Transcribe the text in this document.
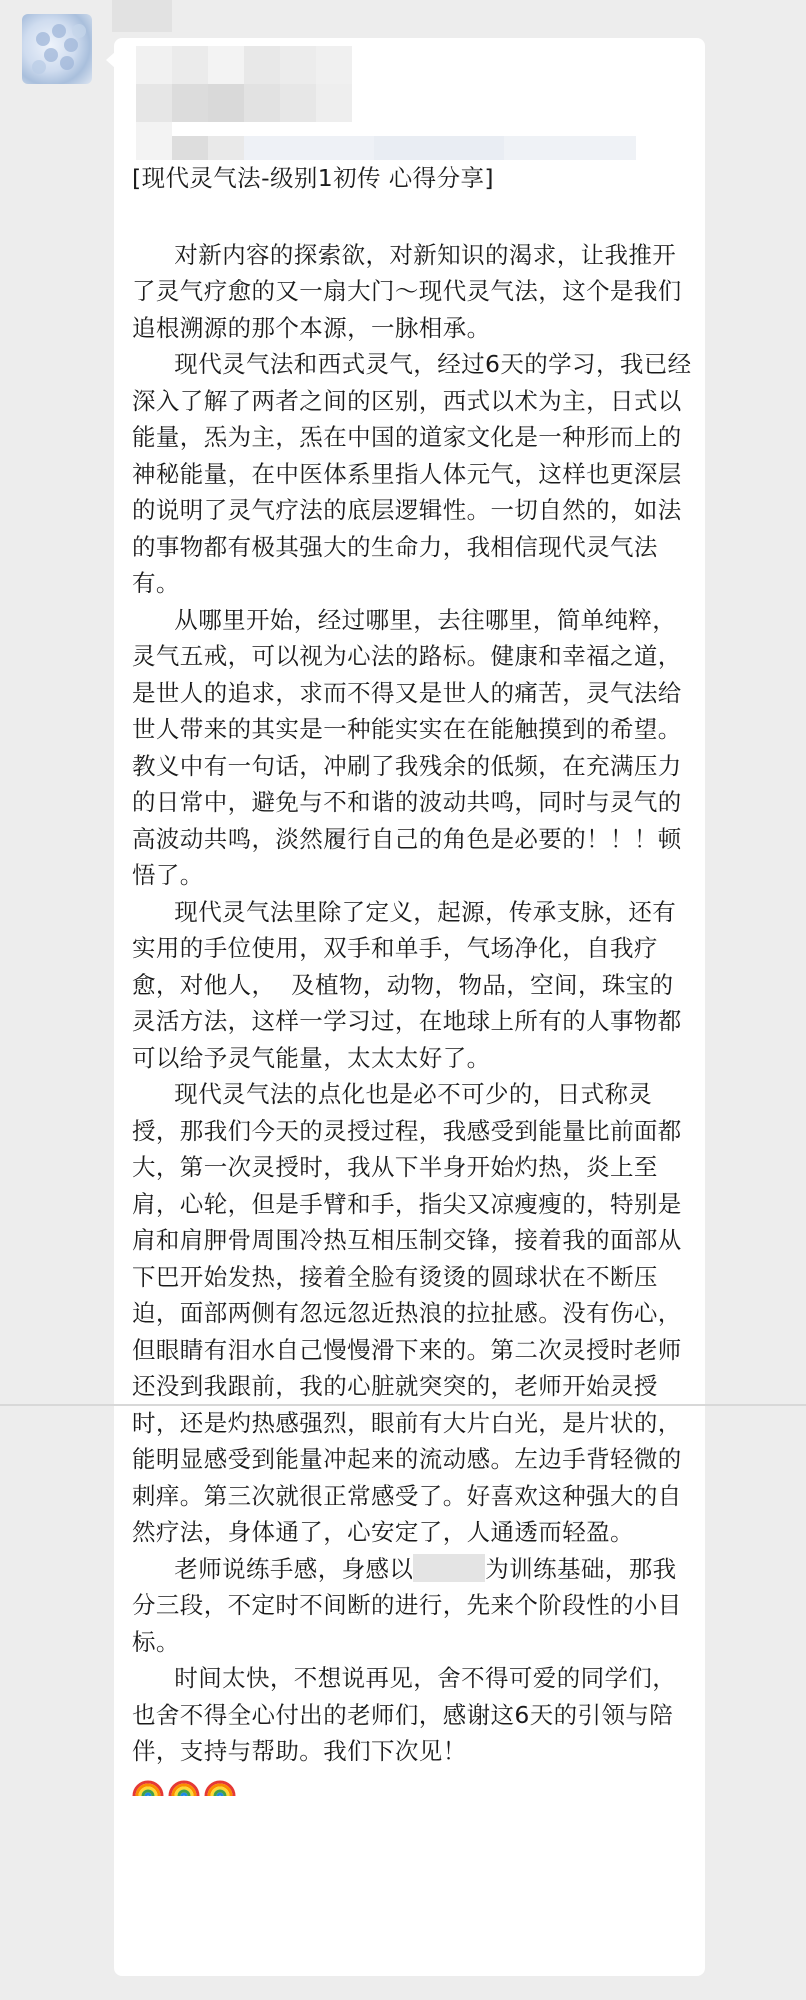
[现代灵气法-级别1初传 心得分享]

对新内容的探索欲，对新知识的渴求，让我推开了灵气疗愈的又一扇大门～现代灵气法，这个是我们追根溯源的那个本源，一脉相承。

现代灵气法和西式灵气，经过6天的学习，我已经深入了解了两者之间的区别，西式以术为主，日式以能量，炁为主，炁在中国的道家文化是一种形而上的神秘能量，在中医体系里指人体元气，这样也更深层的说明了灵气疗法的底层逻辑性。一切自然的，如法的事物都有极其强大的生命力，我相信现代灵气法有。

从哪里开始，经过哪里，去往哪里，简单纯粹，灵气五戒，可以视为心法的路标。健康和幸福之道，是世人的追求，求而不得又是世人的痛苦，灵气法给世人带来的其实是一种能实实在在能触摸到的希望。教义中有一句话，冲刷了我残余的低频，在充满压力的日常中，避免与不和谐的波动共鸣，同时与灵气的高波动共鸣，淡然履行自己的角色是必要的！！！顿悟了。

现代灵气法里除了定义，起源，传承支脉，还有实用的手位使用，双手和单手，气场净化，自我疗愈，对他人，  及植物，动物，物品，空间，珠宝的灵活方法，这样一学习过，在地球上所有的人事物都可以给予灵气能量，太太太好了。

现代灵气法的点化也是必不可少的，日式称灵授，那我们今天的灵授过程，我感受到能量比前面都大，第一次灵授时，我从下半身开始灼热，炎上至肩，心轮，但是手臂和手，指尖又凉瘦瘦的，特别是肩和肩胛骨周围冷热互相压制交锋，接着我的面部从下巴开始发热，接着全脸有烫烫的圆球状在不断压迫，面部两侧有忽远忽近热浪的拉扯感。没有伤心，但眼睛有泪水自己慢慢滑下来的。第二次灵授时老师还没到我跟前，我的心脏就突突的，老师开始灵授时，还是灼热感强烈，眼前有大片白光，是片状的，能明显感受到能量冲起来的流动感。左边手背轻微的刺痒。第三次就很正常感受了。好喜欢这种强大的自然疗法，身体通了，心安定了，人通透而轻盈。

老师说练手感，身感以	为训练基础，那我分三段，不定时不间断的进行，先来个阶段性的小目标。

时间太快，不想说再见，舍不得可爱的同学们，也舍不得全心付出的老师们，感谢这6天的引领与陪伴，支持与帮助。我们下次见！
